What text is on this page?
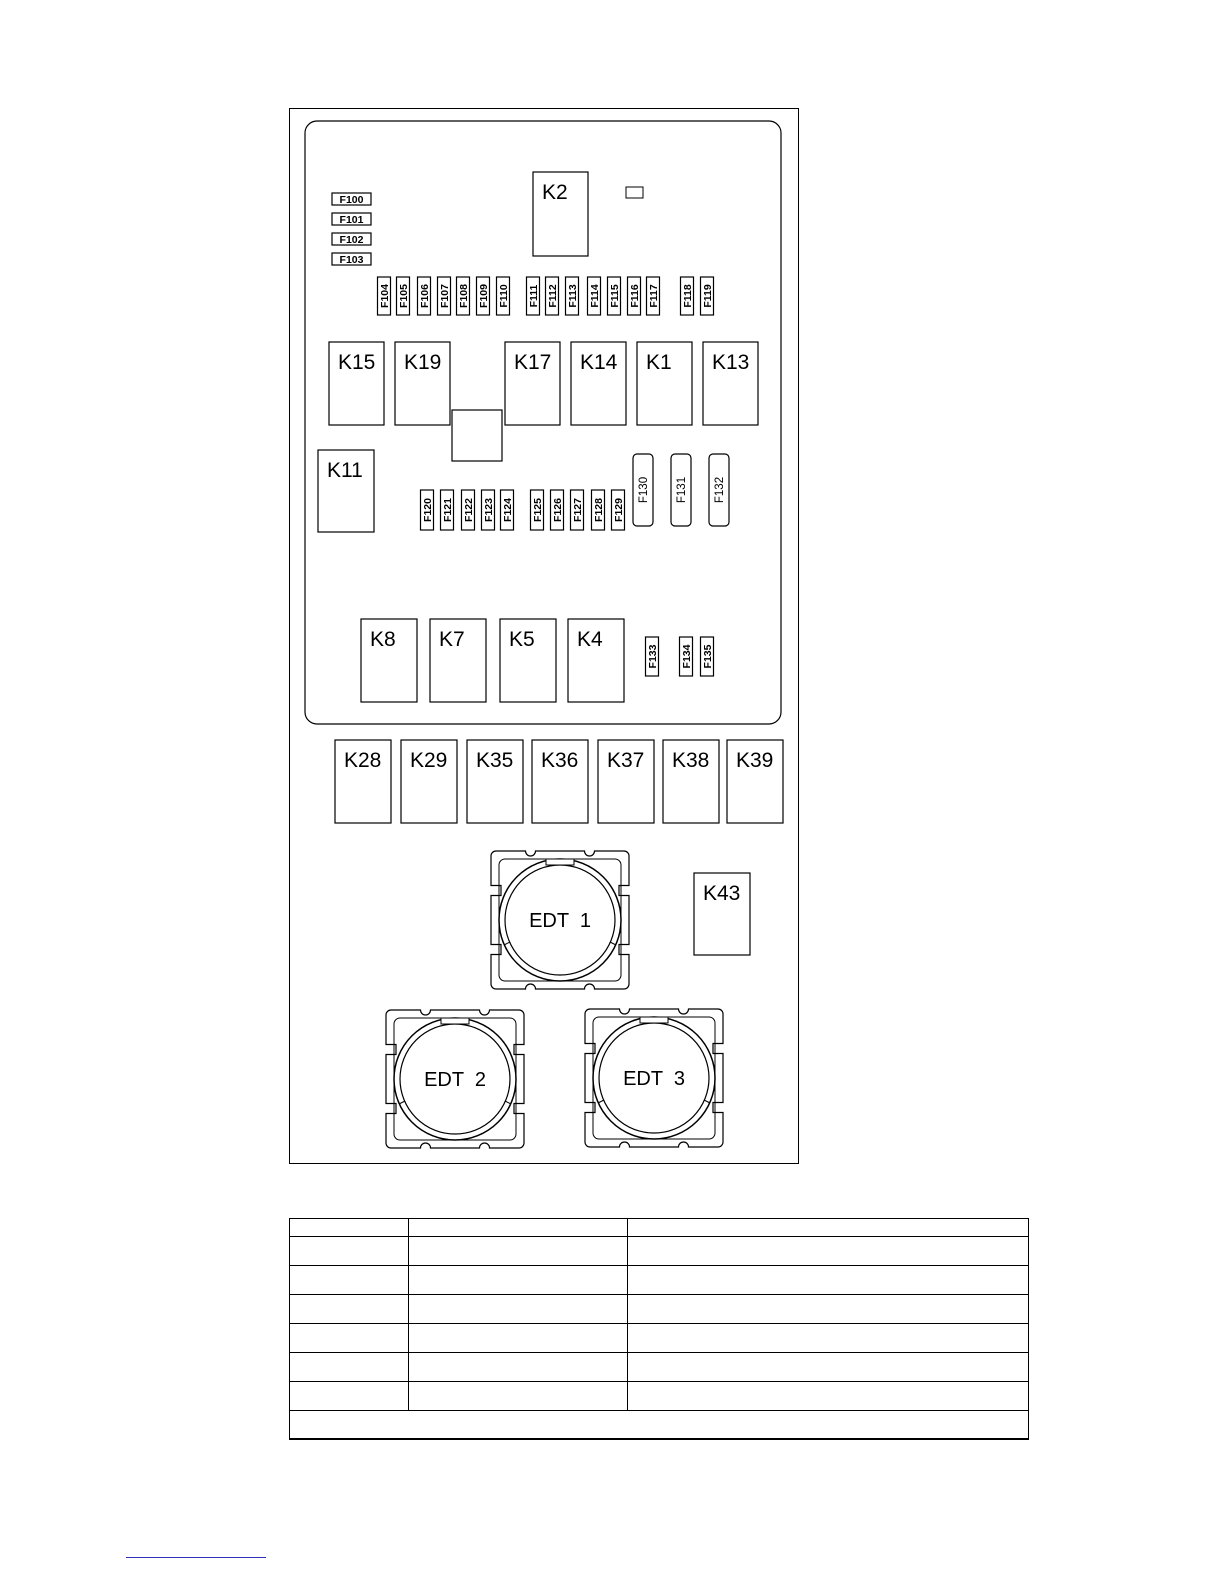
K2
K15 K19	K17 K14 K1 K13
K11
K8 K7 K5 K4
K28 K29 K35 K36 K37 K38 K39
K43
F100
F101
F102
F103
F104 F105 F106 F107 F108 F109 F110 F111 F112 F113 F114 F115 F116 F117 F118 F119
F120 F121 F122 F123 F124 F125 F126 F127 F128 F129
F133 F134 F135
F130 F131 F132
EDT  1
EDT  2	EDT  3
